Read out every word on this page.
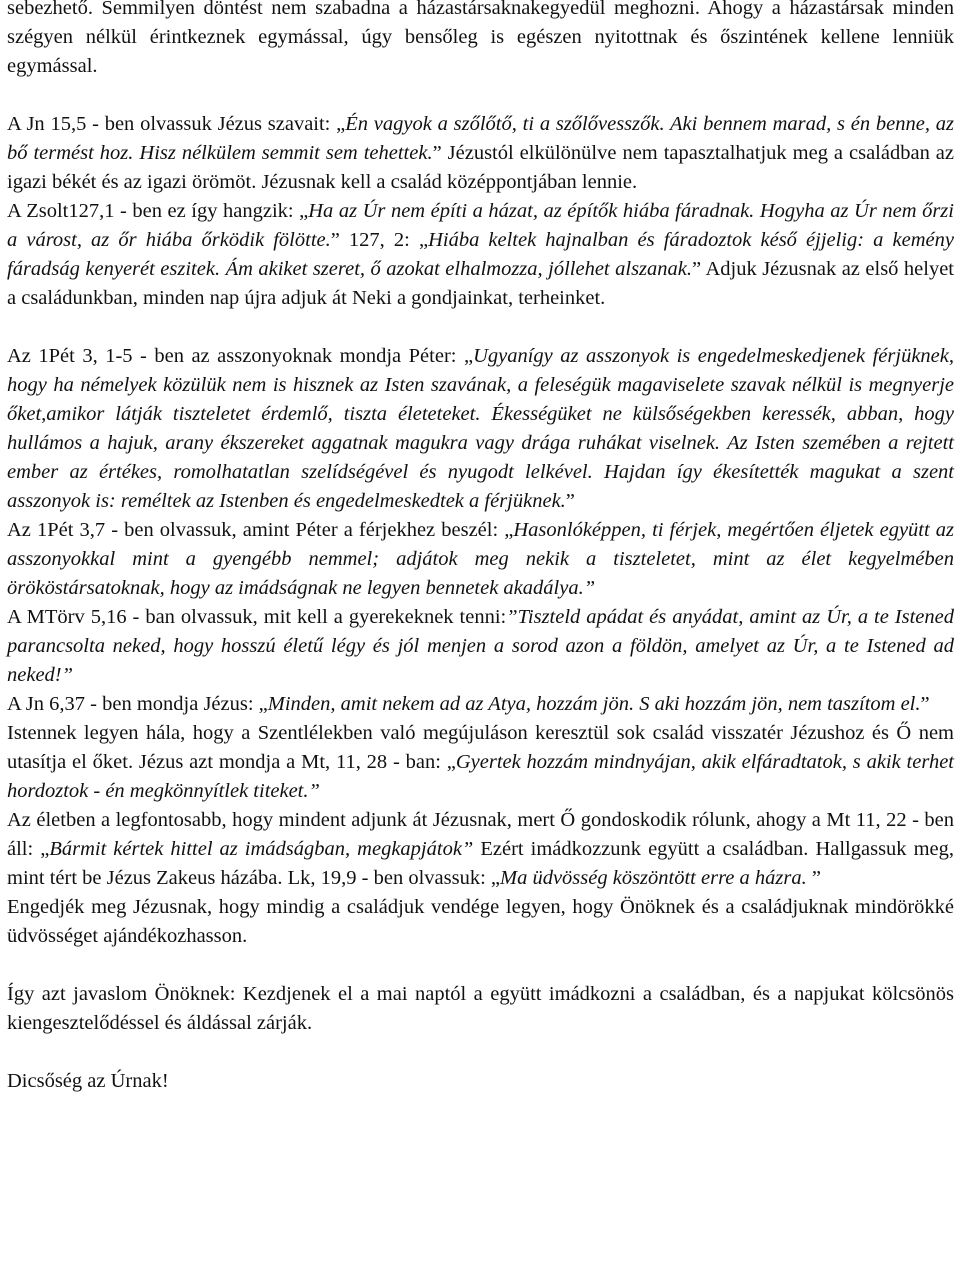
sebezhető. Semmilyen döntést nem szabadna a házastársaknakegyedül meghozni. Ahogy a házastársak minden szégyen nélkül érintkeznek egymással, úgy bensőleg is egészen nyitottnak és őszintének kellene lenniük egymással.

A Jn 15,5 - ben olvassuk Jézus szavait: „Én vagyok a szőlőtő, ti a szőlővesszők. Aki bennem marad, s én benne, az bő termést hoz. Hisz nélkülem semmit sem tehettek.” Jézustól elkülönülve nem tapasztalhatjuk meg a családban az igazi békét és az igazi örömöt. Jézusnak kell a család középpontjában lennie.

A Zsolt127,1 - ben ez így hangzik: „Ha az Úr nem építi a házat, az építők hiába fáradnak. Hogyha az Úr nem őrzi a várost, az őr hiába őrködik fölötte.” 127, 2: „Hiába keltek hajnalban és fáradoztok késő éjjelig: a kemény fáradság kenyerét eszitek. Ám akiket szeret, ő azokat elhalmozza, jóllehet alszanak.” Adjuk Jézusnak az első helyet a családunkban, minden nap újra adjuk át Neki a gondjainkat, terheinket.

Az 1Pét 3, 1-5 - ben az asszonyoknak mondja Péter: „Ugyanígy az asszonyok is engedelmeskedjenek férjüknek, hogy ha némelyek közülük nem is hisznek az Isten szavának, a feleségük magaviselete szavak nélkül is megnyerje őket,amikor látják tiszteletet érdemlő, tiszta életeteket. Ékességüket ne külsőségekben keressék, abban, hogy hullámos a hajuk, arany ékszereket aggatnak magukra vagy drága ruhákat viselnek. Az Isten szemében a rejtett ember az értékes, romolhatatlan szelídségével és nyugodt lelkével. Hajdan így ékesítették magukat a szent asszonyok is: reméltek az Istenben és engedelmeskedtek a férjüknek.”

Az 1Pét 3,7 - ben olvassuk, amint Péter a férjekhez beszél: „Hasonlóképpen, ti férjek, megértően éljetek együtt az asszonyokkal mint a gyengébb nemmel; adjátok meg nekik a tiszteletet, mint az élet kegyelmében örököstársatoknak, hogy az imádságnak ne legyen bennetek akadálya.”

A MTörv 5,16 - ban olvassuk, mit kell a gyerekeknek tenni:”Tiszteld apádat és anyádat, amint az Úr, a te Istened parancsolta neked, hogy hosszú életű légy és jól menjen a sorod azon a földön, amelyet az Úr, a te Istened ad neked!”

A Jn 6,37 - ben mondja Jézus: „Minden, amit nekem ad az Atya, hozzám jön. S aki hozzám jön, nem taszítom el.”

Istennek legyen hála, hogy a Szentlélekben való megújuláson keresztül sok család visszatér Jézushoz és Ő nem utasítja el őket. Jézus azt mondja a Mt, 11, 28 - ban: „Gyertek hozzám mindnyájan, akik elfáradtatok, s akik terhet hordoztok - én megkönnyítlek titeket.”

Az életben a legfontosabb, hogy mindent adjunk át Jézusnak, mert Ő gondoskodik rólunk, ahogy a Mt 11, 22 - ben áll: „Bármit kértek hittel az imádságban, megkapjátok” Ezért imádkozzunk együtt a családban. Hallgassuk meg, mint tért be Jézus Zakeus házába. Lk, 19,9 - ben olvassuk: „Ma üdvösség köszöntött erre a házra. ”

Engedjék meg Jézusnak, hogy mindig a családjuk vendége legyen, hogy Önöknek és a családjuknak mindörökké üdvösséget ajándékozhasson.

Így azt javaslom Önöknek: Kezdjenek el a mai naptól a együtt imádkozni a családban, és a napjukat kölcsönös kiengesztelődéssel és áldással zárják.

Dicsőség az Úrnak!
